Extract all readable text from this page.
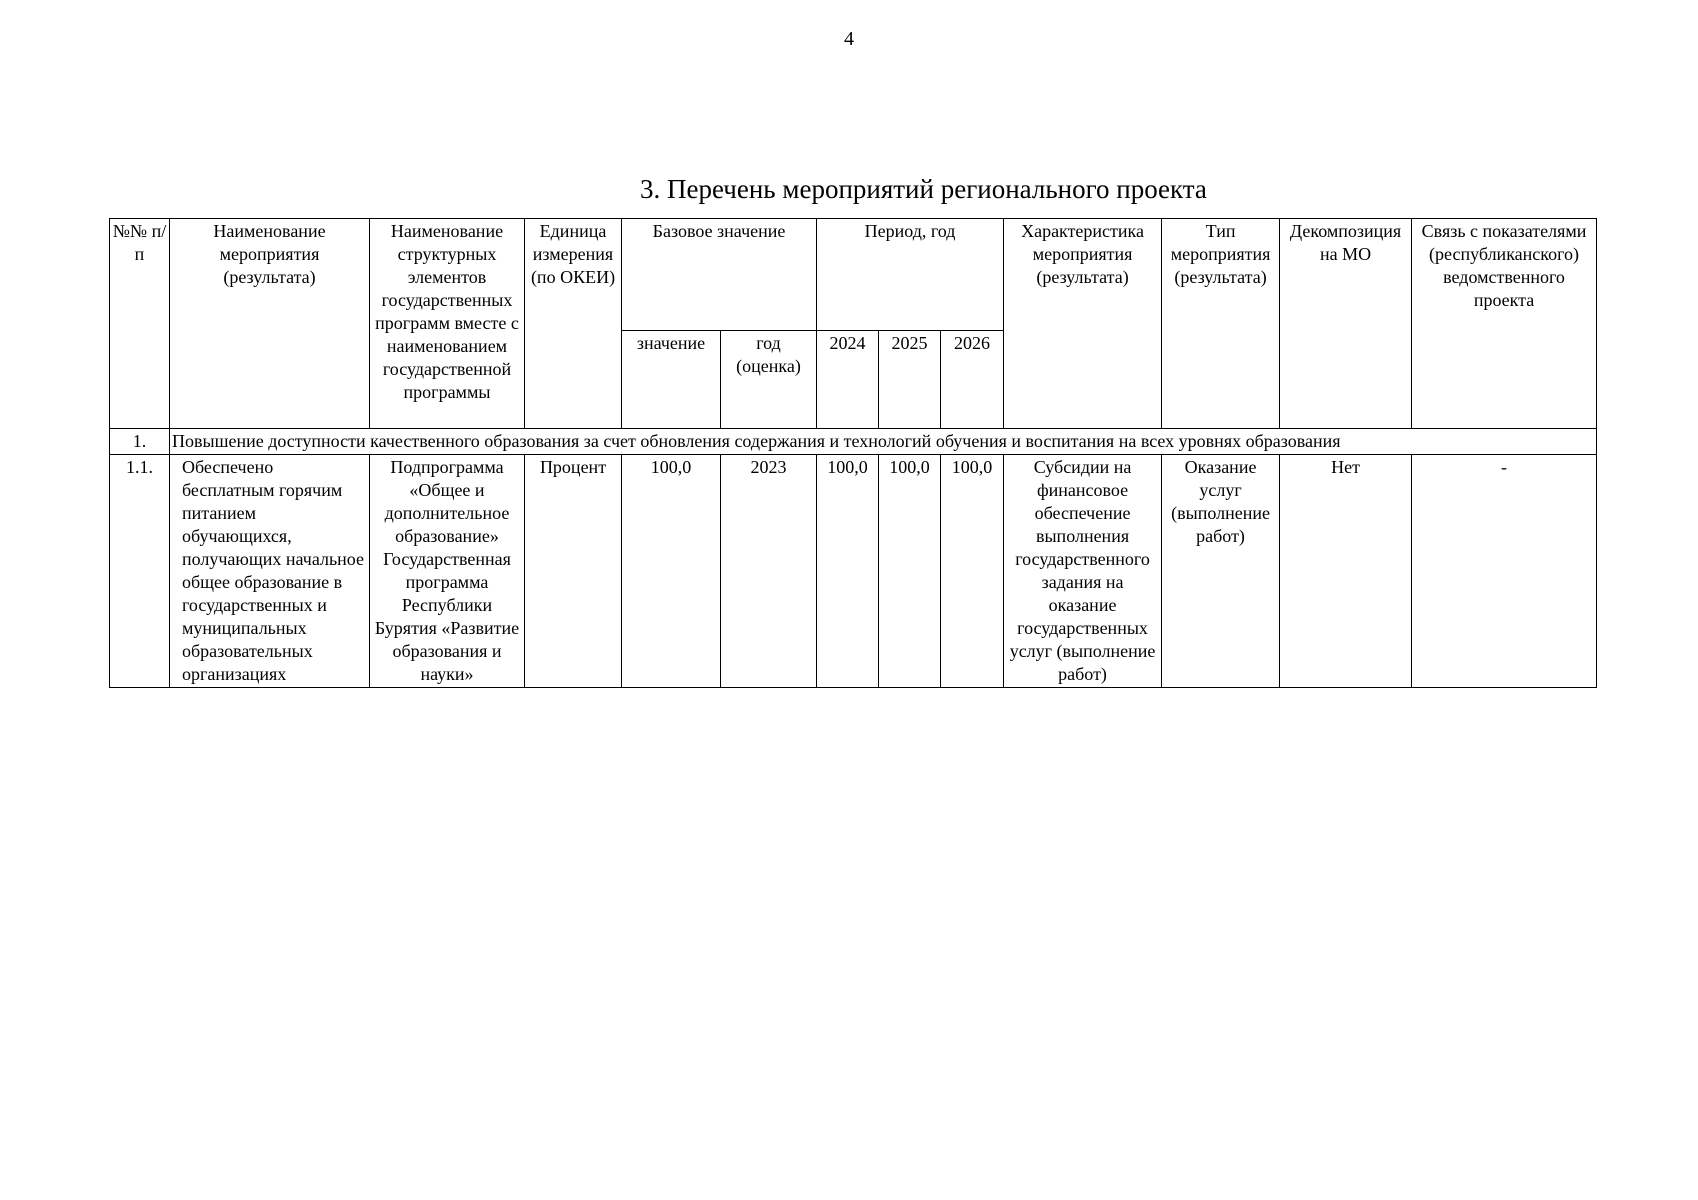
4
3. Перечень мероприятий регионального проекта
№№ п/п	Наименование мероприятия (результата)	Наименование структурных элементов государственных программ вместе с наименованием государственной программы	Единица измерения (по ОКЕИ)	Базовое значение		Период, год			Характеристика мероприятия (результата)	Тип мероприятия (результата)	Декомпозиция на МО	Связь с показателями (республиканского) ведомственного проекта
				значение	год (оценка)	2024	2025	2026				
1.	Повышение доступности качественного образования за счет обновления содержания и технологий обучения и воспитания на всех уровнях образования											
1.1.	Обеспечено бесплатным горячим питанием обучающихся, получающих начальное общее образование в государственных и муниципальных образовательных организациях	Подпрограмма «Общее и дополнительное образование» Государственная программа Республики Бурятия «Развитие образования и науки»	Процент	100,0	2023	100,0	100,0	100,0	Субсидии на финансовое обеспечение выполнения государственного задания на оказание государственных услуг (выполнение работ)	Оказание услуг (выполнение работ)	Нет	-
